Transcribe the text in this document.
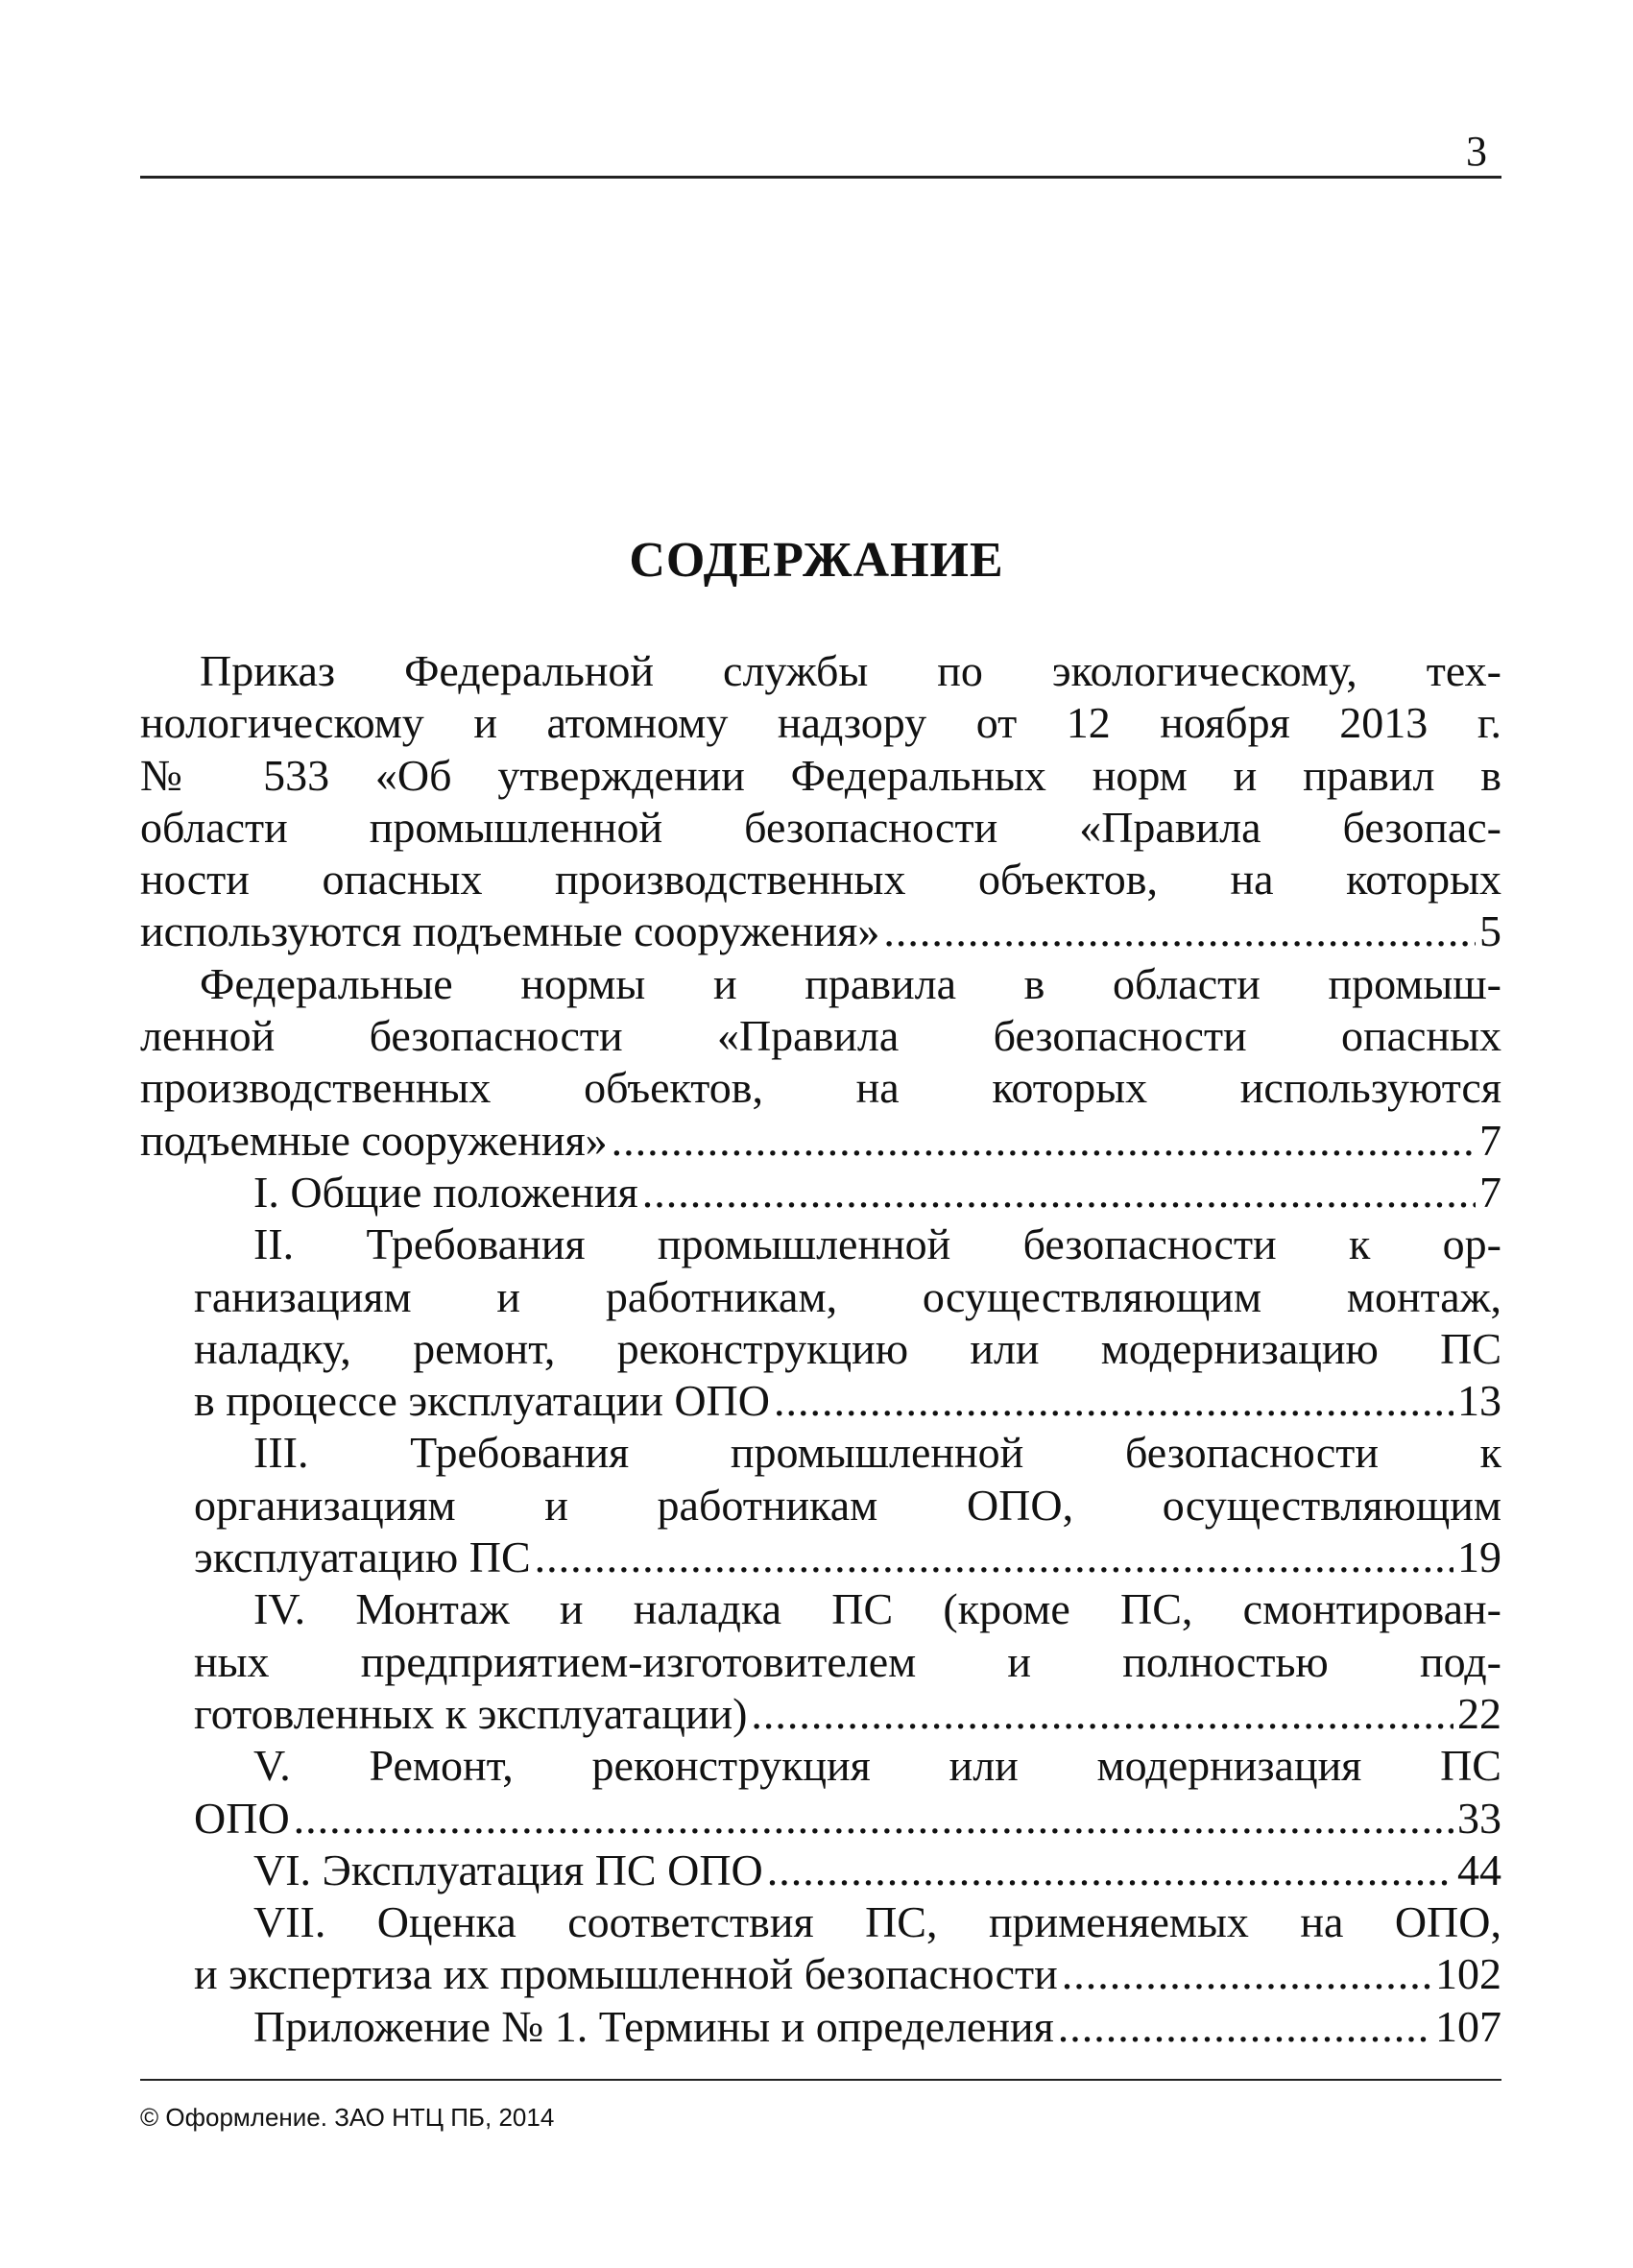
3
СОДЕРЖАНИЕ
Приказ Федеральной службы по экологическому, тех-
нологическому и атомному надзору от 12 ноября 2013 г.
№ 533 «Об утверждении Федеральных норм и правил в
области промышленной безопасности «Правила безопас-
ности опасных производственных объектов, на которых
используются подъемные сооружения» .....	5
Федеральные нормы и правила в области промыш-
ленной безопасности «Правила безопасности опасных
производственных объектов, на которых используются
подъемные сооружения» .....	7
I. Общие положения .....	7
II. Требования промышленной безопасности к ор-
ганизациям и работникам, осуществляющим монтаж,
наладку, ремонт, реконструкцию или модернизацию ПС
в процессе эксплуатации ОПО .....	13
III. Требования промышленной безопасности к
организациям и работникам ОПО, осуществляющим
эксплуатацию ПС .....	19
IV. Монтаж и наладка ПС (кроме ПС, смонтирован-
ных предприятием-изготовителем и полностью под-
готовленных к эксплуатации) .....	22
V. Ремонт, реконструкция или модернизация ПС
ОПО .....	33
VI. Эксплуатация ПС ОПО .....	44
VII. Оценка соответствия ПС, применяемых на ОПО,
и экспертиза их промышленной безопасности .....	102
Приложение № 1. Термины и определения .....	107
© Оформление. ЗАО НТЦ ПБ, 2014
